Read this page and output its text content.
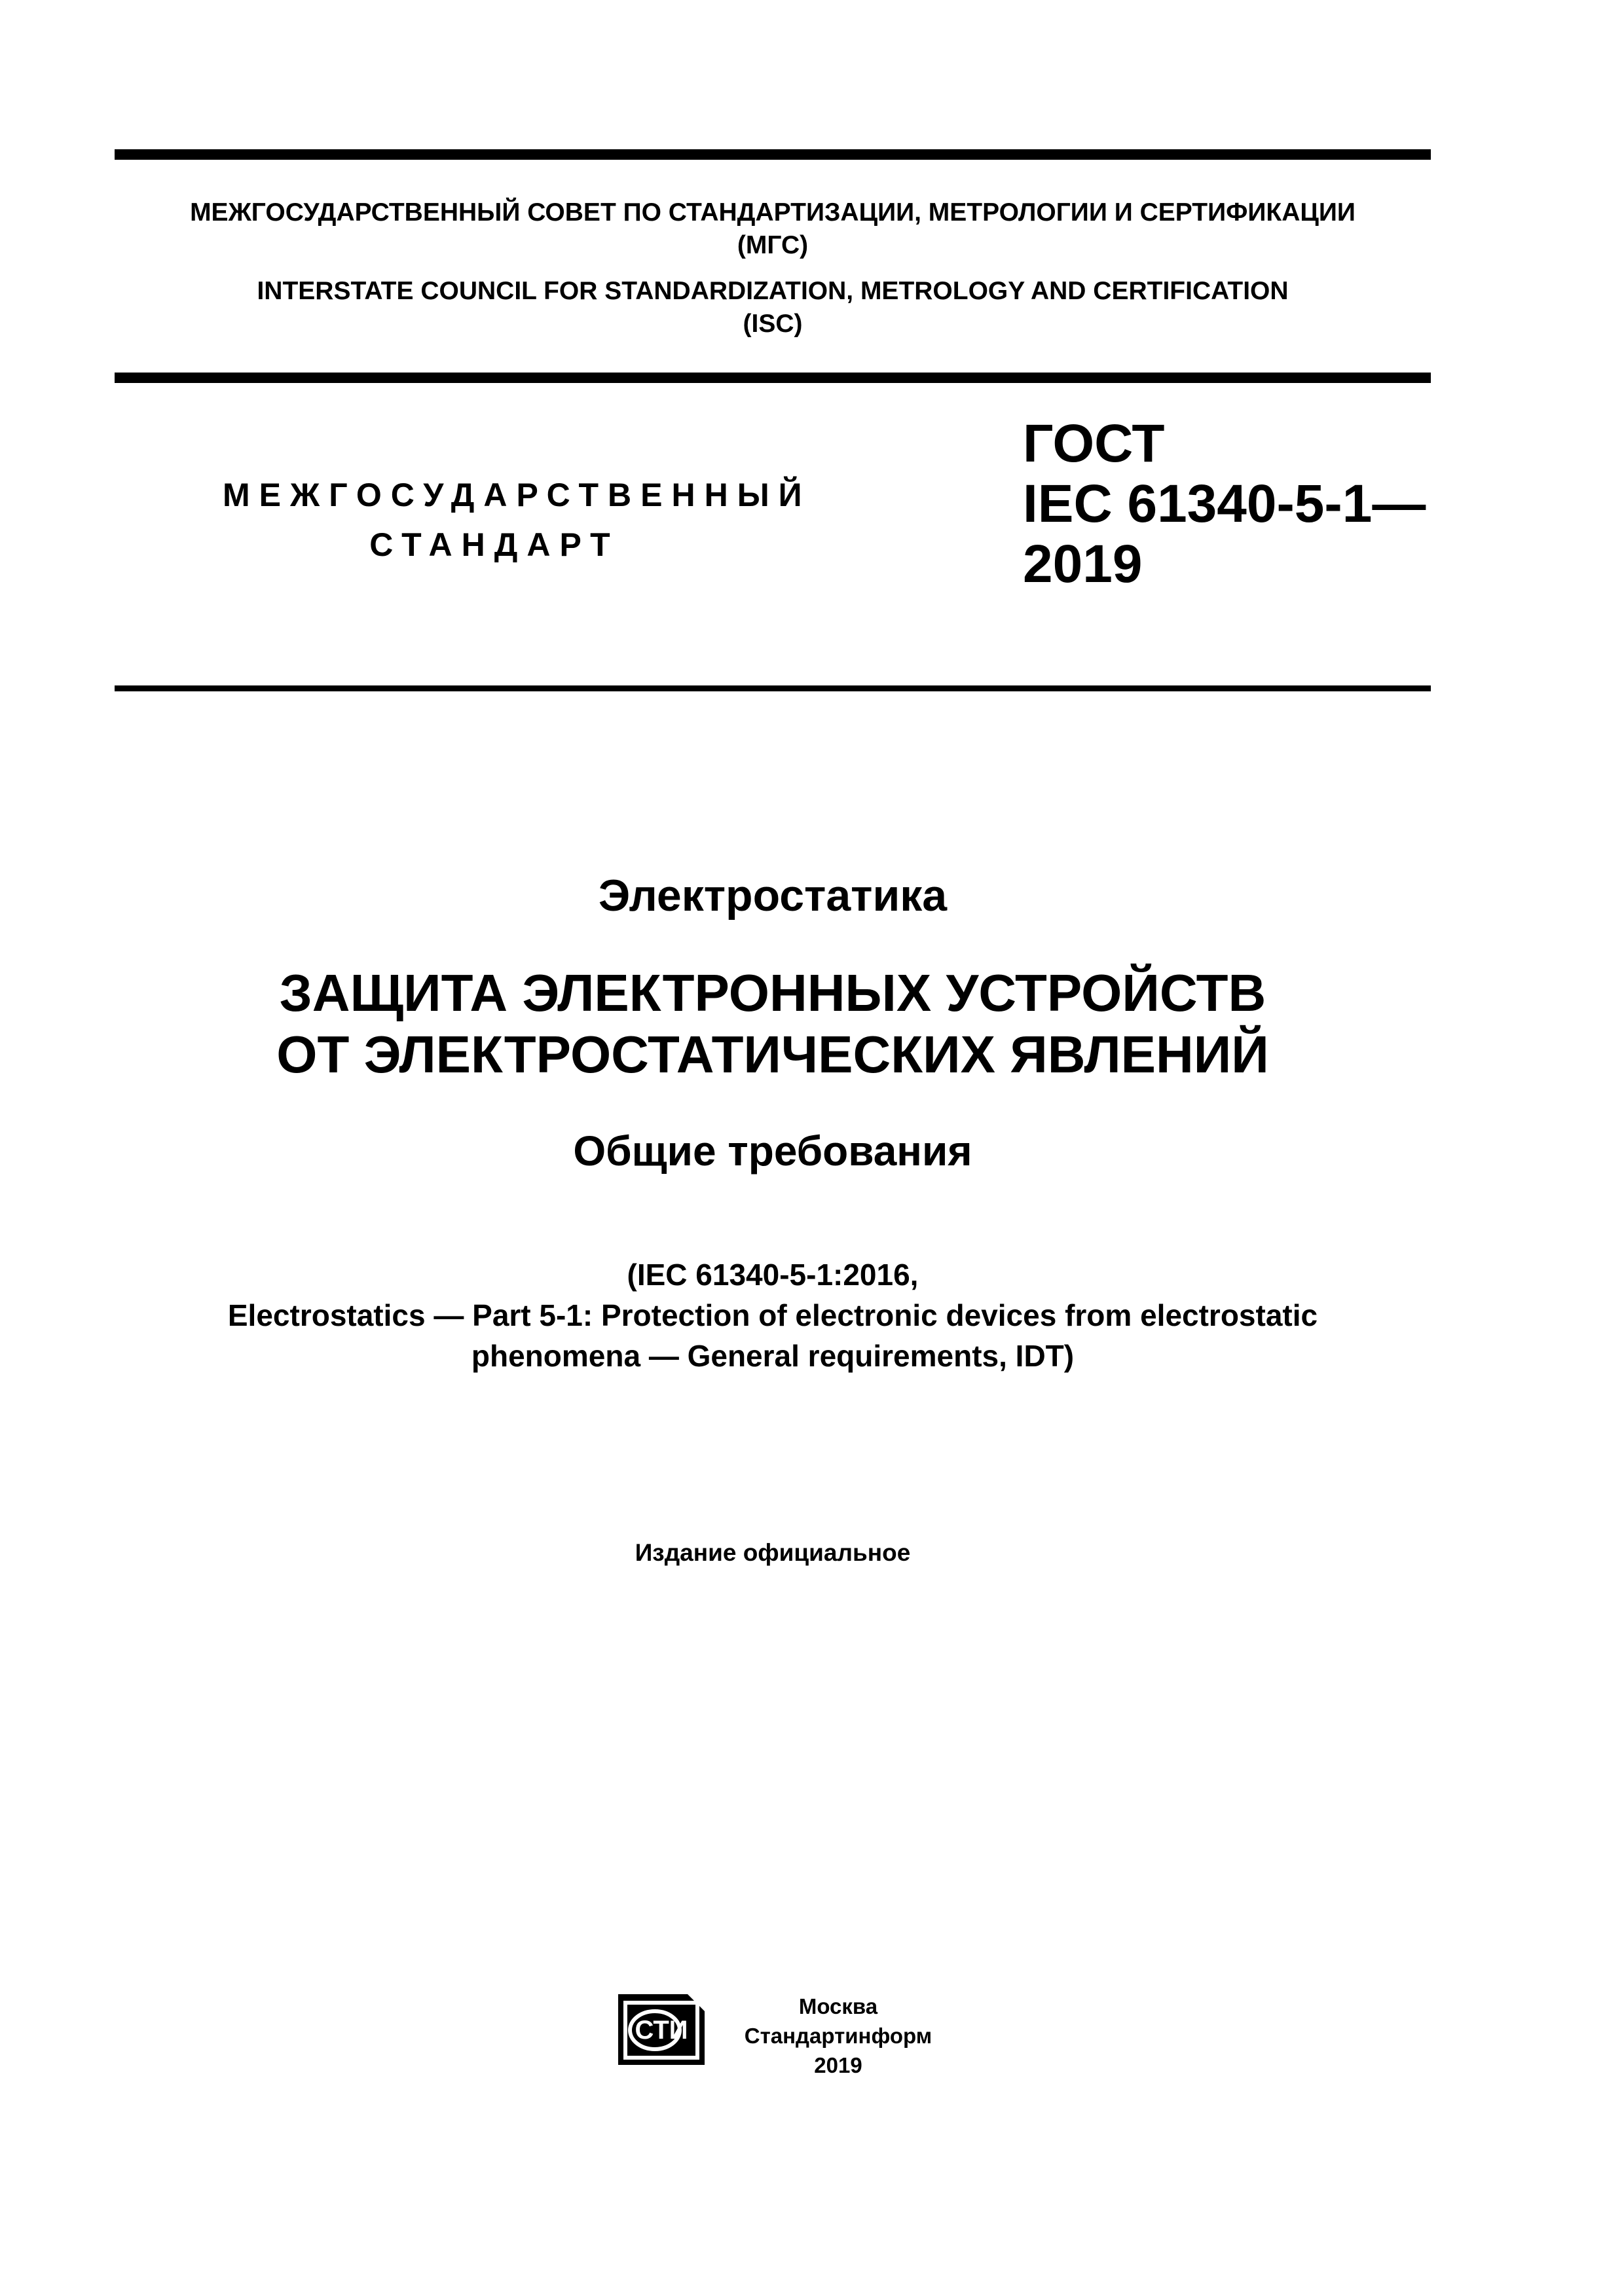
МЕЖГОСУДАРСТВЕННЫЙ СОВЕТ ПО СТАНДАРТИЗАЦИИ, МЕТРОЛОГИИ И СЕРТИФИКАЦИИ
(МГС)
INTERSTATE COUNCIL FOR STANDARDIZATION, METROLOGY AND CERTIFICATION
(ISC)
МЕЖГОСУДАРСТВЕННЫЙ
СТАНДАРТ
ГОСТ
IEC 61340-5-1—
2019
Электростатика
ЗАЩИТА ЭЛЕКТРОННЫХ УСТРОЙСТВ
ОТ ЭЛЕКТРОСТАТИЧЕСКИХ ЯВЛЕНИЙ
Общие требования
(IEC 61340-5-1:2016,
Electrostatics — Part 5-1: Protection of electronic devices from electrostatic
phenomena — General requirements, IDT)
Издание официальное
СТИ
Москва
Стандартинформ
2019
